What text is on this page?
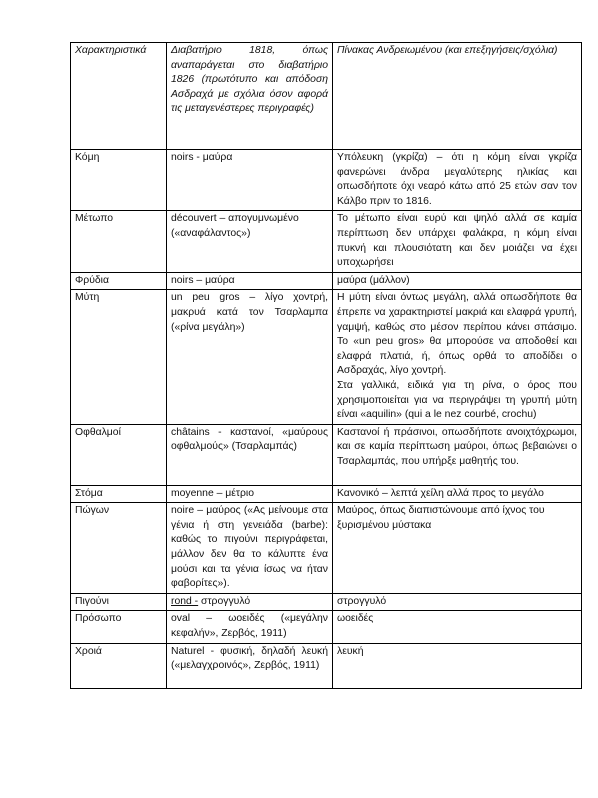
Χαρακτηριστικά	Διαβατήριο 1818, όπως αναπαράγεται στο διαβατήριο 1826 (πρωτότυπο και απόδοση Ασδραχά με σχόλια όσον αφορά τις μεταγενέστερες περιγραφές)	Πίνακας Ανδρειωμένου (και επεξηγήσεις/σχόλια)
Κόμη	noirs - μαύρα	Υπόλευκη (γκρίζα) – ότι η κόμη είναι γκρίζα φανερώνει άνδρα μεγαλύτερης ηλικίας και οπωσδήποτε όχι νεαρό κάτω από 25 ετών σαν τον Κάλβο πριν το 1816.
Μέτωπο	découvert – απογυμνωμένο («αναφάλαντος»)	Το μέτωπο είναι ευρύ και ψηλό αλλά σε καμία περίπτωση δεν υπάρχει φαλάκρα, η κόμη είναι πυκνή και πλουσιότατη και δεν μοιάζει να έχει υποχωρήσει
Φρύδια	noirs – μαύρα	μαύρα (μάλλον)
Μύτη	un peu gros – λίγο χοντρή, μακρυά κατά τον Τσαρλαμπα («ρίνα μεγάλη»)	Η μύτη είναι όντως μεγάλη, αλλά οπωσδήποτε θα έπρεπε να χαρακτηριστεί μακριά και ελαφρά γρυπή, γαμψή, καθώς στο μέσον περίπου κάνει σπάσιμο. Το «un peu gros» θα μπορούσε να αποδοθεί και ελαφρά πλατιά, ή, όπως ορθά το αποδίδει ο Ασδραχάς, λίγο χοντρή.
Στα γαλλικά, ειδικά για τη ρίνα, ο όρος που χρησιμοποιείται για να περιγράψει τη γρυπή μύτη είναι «aquilin» (qui a le nez courbé, crochu)

Οφθαλμοί	châtains - καστανοί, «μαύρους οφθαλμούς» (Τσαρλαμπάς)	Καστανοί ή πράσινοι, οπωσδήποτε ανοιχτόχρωμοι, και σε καμία περίπτωση μαύροι, όπως βεβαιώνει ο Τσαρλαμπάς, που υπήρξε μαθητής του.
Στόμα	moyenne – μέτριο	Κανονικό – λεπτά χείλη αλλά προς το μεγάλο
Πώγων	noire – μαύρος («Ας μείνουμε στα γένια ή στη γενειάδα (barbe): καθώς το πιγούνι περιγράφεται, μάλλον δεν θα το κάλυπτε ένα μούσι και τα γένια ίσως να ήταν φαβορίτες»).	Μαύρος, όπως διαπιστώνουμε από ίχνος του ξυρισμένου μύστακα
Πιγούνι	rond - στρογγυλό	στρογγυλό
Πρόσωπο	oval – ωοειδές («μεγάλην κεφαλήν», Ζερβός, 1911)	ωοειδές
Χροιά	Naturel - φυσική, δηλαδή λευκή («μελαγχροινός», Ζερβός, 1911)	λευκή
